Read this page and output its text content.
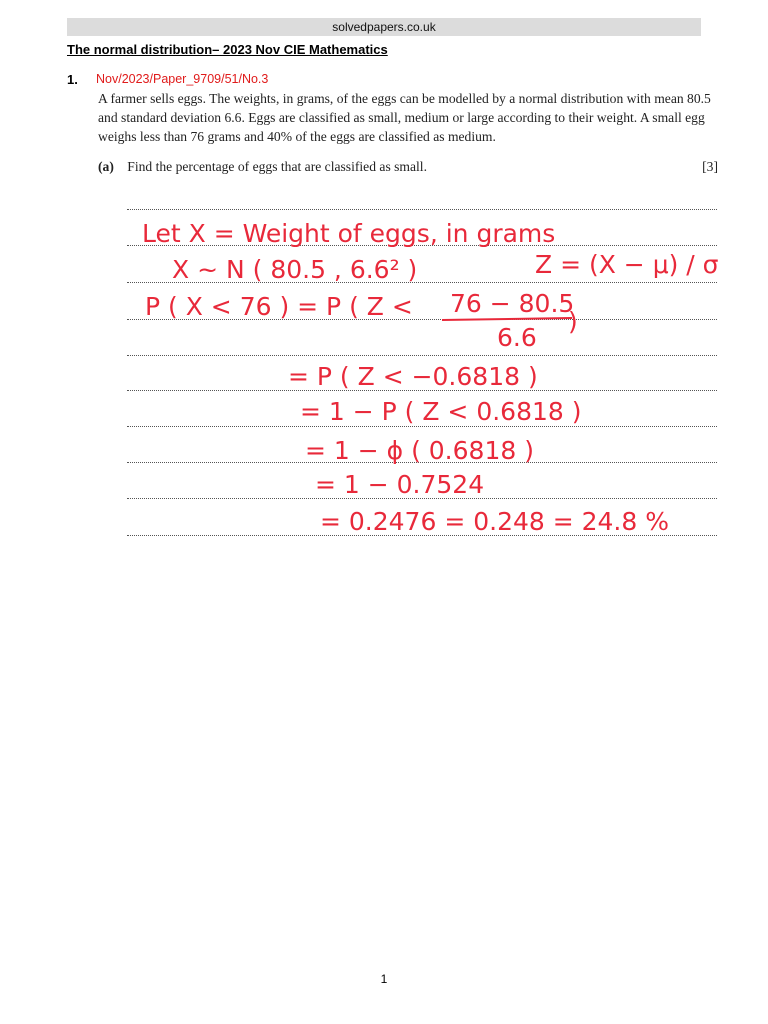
solvedpapers.co.uk
The normal distribution– 2023 Nov CIE Mathematics
1. Nov/2023/Paper_9709/51/No.3
A farmer sells eggs. The weights, in grams, of the eggs can be modelled by a normal distribution with mean 80.5 and standard deviation 6.6. Eggs are classified as small, medium or large according to their weight. A small egg weighs less than 76 grams and 40% of the eggs are classified as medium.
(a) Find the percentage of eggs that are classified as small.	[3]
Let X = Weight of eggs, in grams
X ~ N ( 80.5 , 6.6² )	Z = (X − μ) / σ
P ( X < 76 ) = P ( Z < 76 − 80.5
6.6
)
= P ( Z < −0.6818 )
= 1 − P ( Z < 0.6818 )
= 1 − ϕ ( 0.6818 )
= 1 − 0.7524
= 0.2476 = 0.248 = 24.8 %
1
